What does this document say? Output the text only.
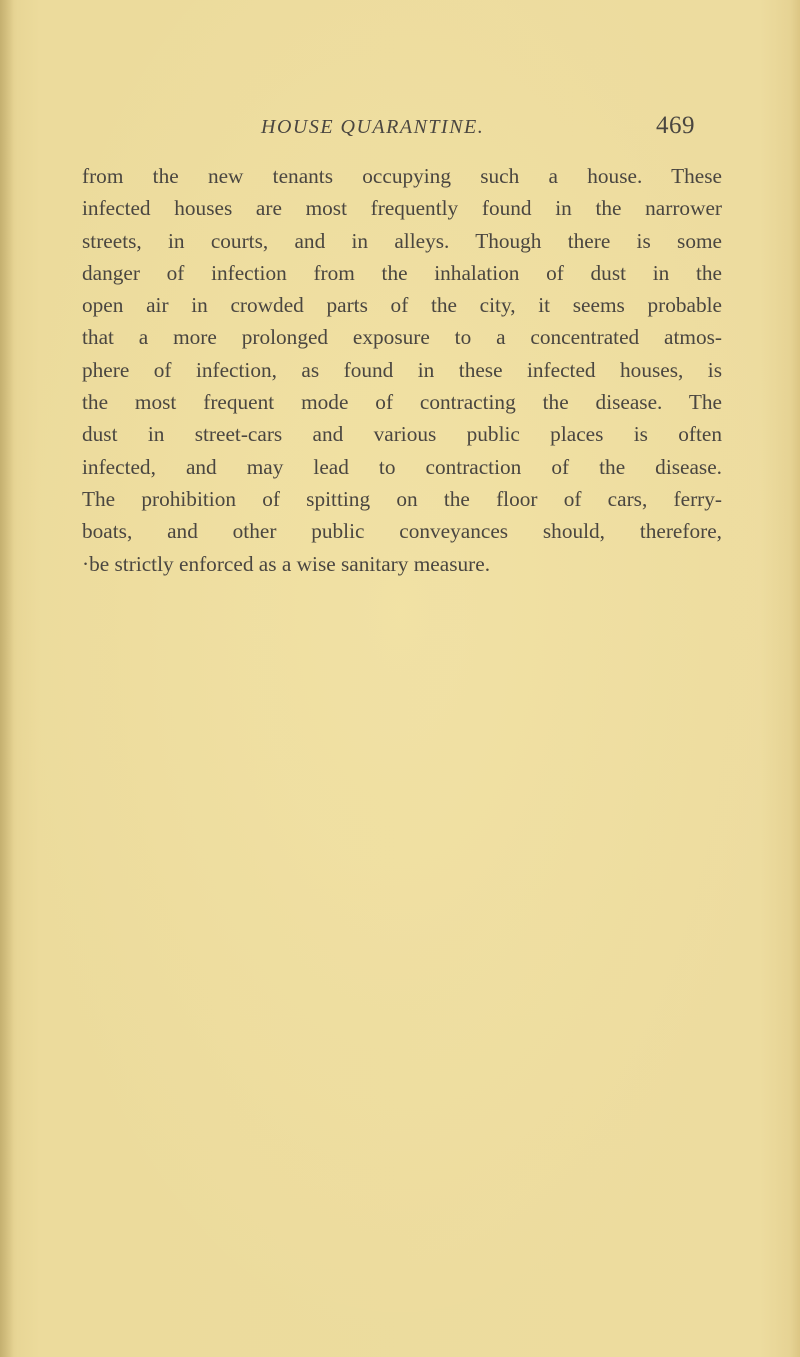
HOUSE QUARANTINE.	469

from the new tenants occupying such a house. These
infected houses are most frequently found in the narrower
streets, in courts, and in alleys. Though there is some
danger of infection from the inhalation of dust in the
open air in crowded parts of the city, it seems probable
that a more prolonged exposure to a concentrated atmos-
phere of infection, as found in these infected houses, is
the most frequent mode of contracting the disease. The
dust in street-cars and various public places is often
infected, and may lead to contraction of the disease.
The prohibition of spitting on the floor of cars, ferry-
boats, and other public conveyances should, therefore,
·be strictly enforced as a wise sanitary measure.
